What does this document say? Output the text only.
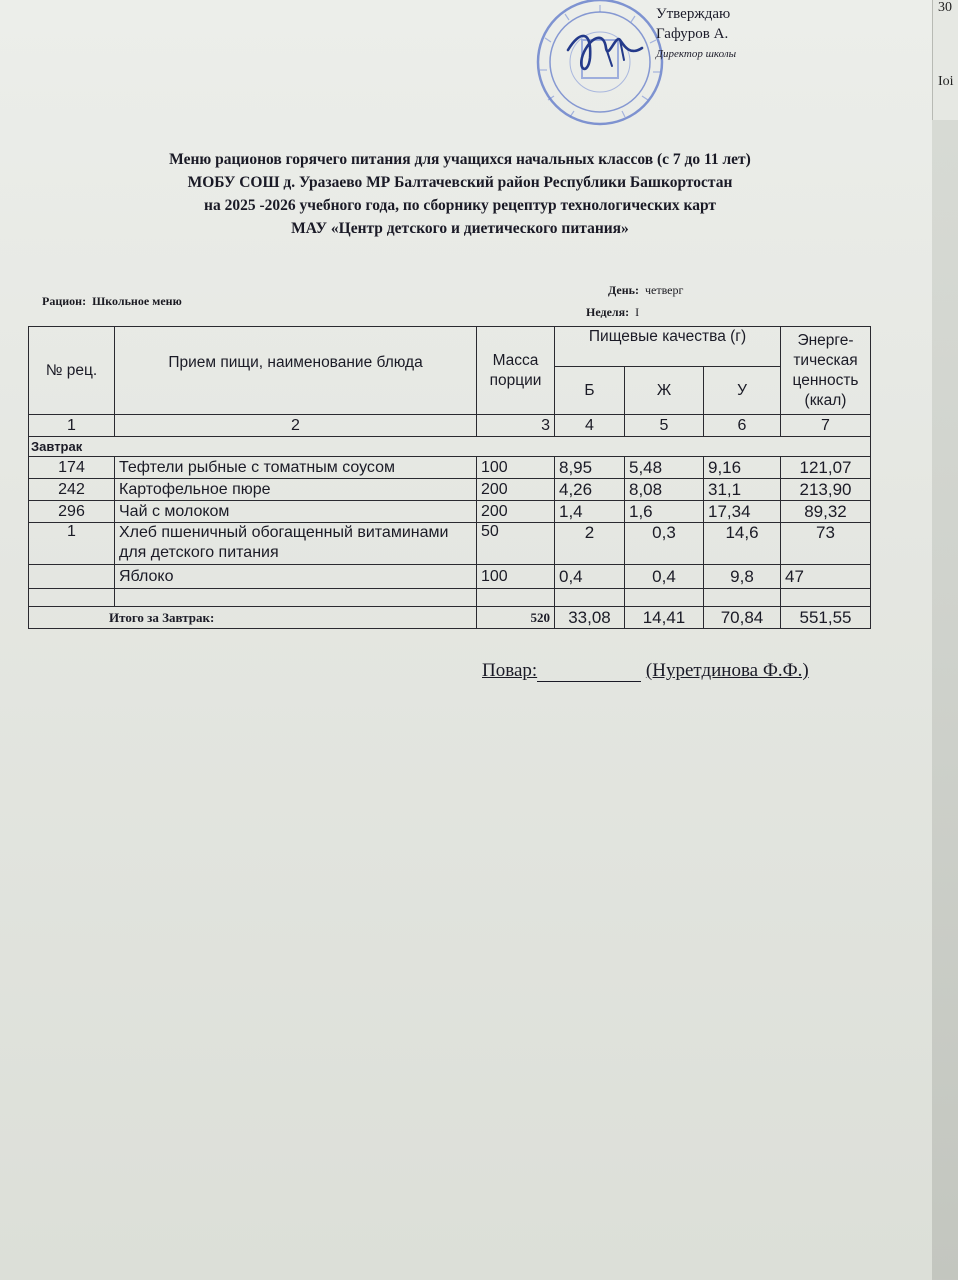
30
Іоі
Утверждаю
Гафуров А.
Директор школы
Меню рационов горячего питания для учащихся начальных классов (с 7 до 11 лет)
МОБУ СОШ д. Уразаево МР Балтачевский район Республики Башкортостан
на 2025 -2026 учебного года, по сборнику рецептур технологических карт
МАУ «Центр детского и диетического питания»
Рацион: Школьное меню
День: четверг
Неделя: I
№ рец.	Прием пищи, наименование блюда	Масса порции	Пищевые качества (г)			Энерге-тическая ценность (ккал)
			Б	Ж	У	
1	2	3	4	5	6	7
Завтрак						
174	Тефтели рыбные с томатным соусом	100	8,95	5,48	9,16	121,07
242	Картофельное пюре	200	4,26	8,08	31,1	213,90
296	Чай с молоком	200	1,4	1,6	17,34	89,32
1	Хлеб пшеничный обогащенный витаминами для детского питания	50	2	0,3	14,6	73
	Яблоко	100	0,4	0,4	9,8	47

Итого за Завтрак:		520	33,08	14,41	70,84	551,55
Повар:	(Нуретдинова Ф.Ф.)
